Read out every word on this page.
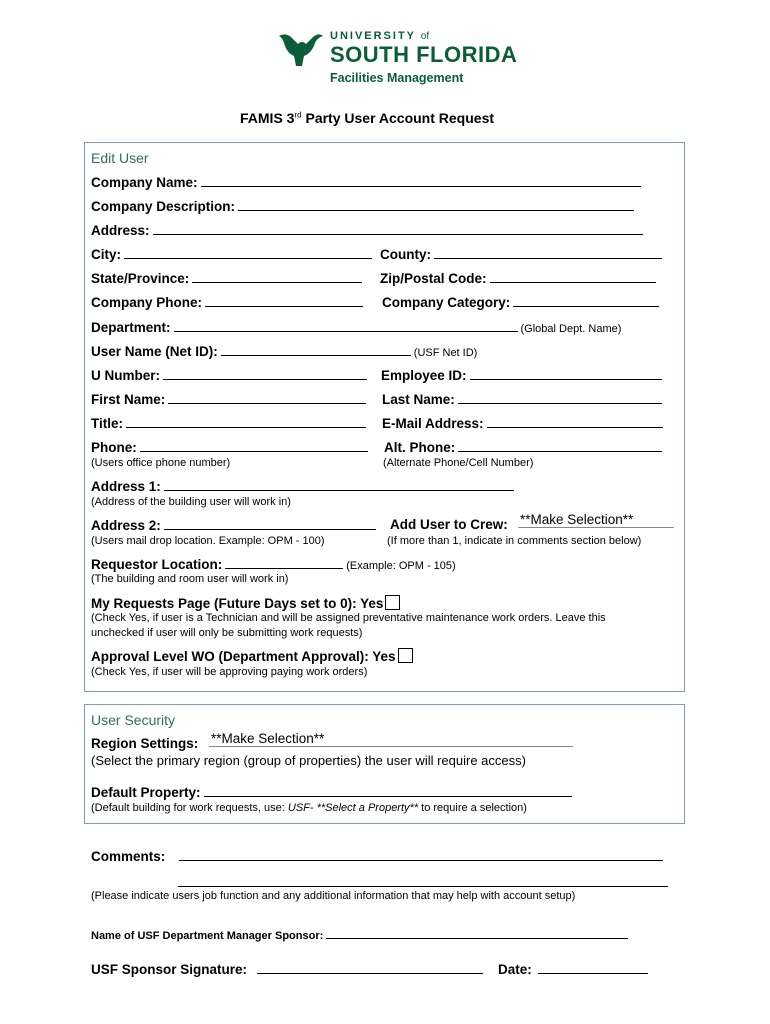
UNIVERSITY of
SOUTH FLORIDA
Facilities Management
FAMIS 3rd Party User Account Request
Edit User
Company Name:
Company Description:
Address:
City:	County:
State/Province:	Zip/Postal Code:
Company Phone:	Company Category:
Department:	(Global Dept. Name)
User Name (Net ID):	(USF Net ID)
U Number:	Employee ID:
First Name:	Last Name:
Title:	E-Mail Address:
Phone:	Alt. Phone:
(Users office phone number)	(Alternate Phone/Cell Number)
Address 1:
(Address of the building user will work in)
Address 2:	Add User to Crew: **Make Selection**
(Users mail drop location. Example: OPM - 100)	(If more than 1, indicate in comments section below)
Requestor Location:	(Example: OPM - 105)
(The building and room user will work in)
My Requests Page (Future Days set to 0): Yes
(Check Yes, if user is a Technician and will be assigned preventative maintenance work orders. Leave this
unchecked if user will only be submitting work requests)
Approval Level WO (Department Approval): Yes
(Check Yes, if user will be approving paying work orders)
User Security
Region Settings: **Make Selection**
(Select the primary region (group of properties) the user will require access)
Default Property:
(Default building for work requests, use: USF- **Select a Property** to require a selection)
Comments:
(Please indicate users job function and any additional information that may help with account setup)
Name of USF Department Manager Sponsor:
USF Sponsor Signature:	Date:
